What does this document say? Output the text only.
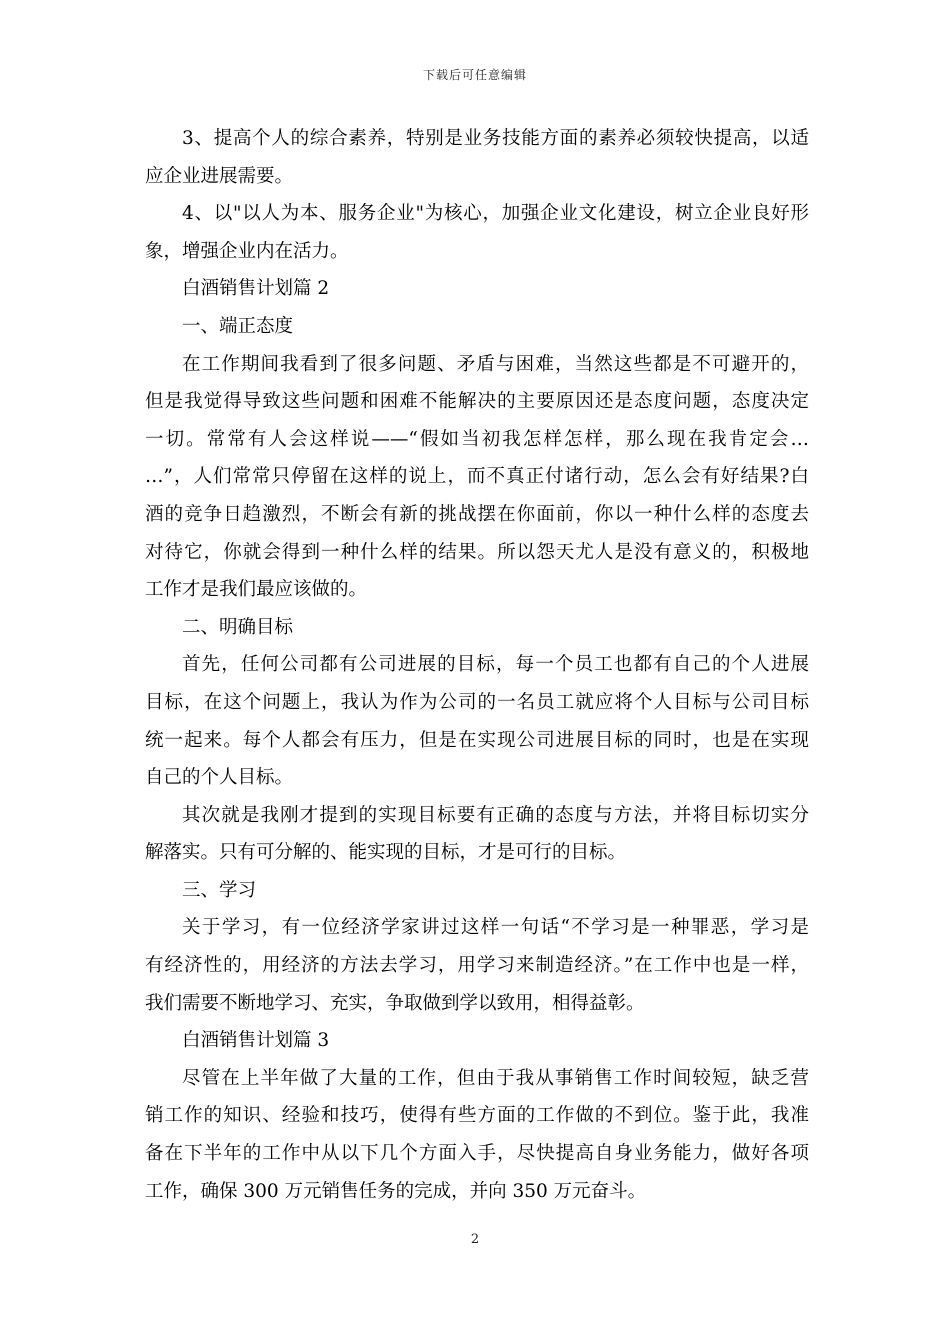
下载后可任意编辑
3、提高个人的综合素养，特别是业务技能方面的素养必须较快提高，以适
应企业进展需要。
4、以"以人为本、服务企业"为核心，加强企业文化建设，树立企业良好形
象，增强企业内在活力。
白酒销售计划篇 2
一、端正态度
在工作期间我看到了很多问题、矛盾与困难，当然这些都是不可避开的，
但是我觉得导致这些问题和困难不能解决的主要原因还是态度问题，态度决定
一切。常常有人会这样说——“假如当初我怎样怎样，那么现在我肯定会…
…”，人们常常只停留在这样的说上，而不真正付诸行动，怎么会有好结果?白
酒的竞争日趋激烈，不断会有新的挑战摆在你面前，你以一种什么样的态度去
对待它，你就会得到一种什么样的结果。所以怨天尤人是没有意义的，积极地
工作才是我们最应该做的。
二、明确目标
首先，任何公司都有公司进展的目标，每一个员工也都有自己的个人进展
目标，在这个问题上，我认为作为公司的一名员工就应将个人目标与公司目标
统一起来。每个人都会有压力，但是在实现公司进展目标的同时，也是在实现
自己的个人目标。
其次就是我刚才提到的实现目标要有正确的态度与方法，并将目标切实分
解落实。只有可分解的、能实现的目标，才是可行的目标。
三、学习
关于学习，有一位经济学家讲过这样一句话“不学习是一种罪恶，学习是
有经济性的，用经济的方法去学习，用学习来制造经济。”在工作中也是一样，
我们需要不断地学习、充实，争取做到学以致用，相得益彰。
白酒销售计划篇 3
尽管在上半年做了大量的工作，但由于我从事销售工作时间较短，缺乏营
销工作的知识、经验和技巧，使得有些方面的工作做的不到位。鉴于此，我准
备在下半年的工作中从以下几个方面入手，尽快提高自身业务能力，做好各项
工作，确保 300 万元销售任务的完成，并向 350 万元奋斗。
2
